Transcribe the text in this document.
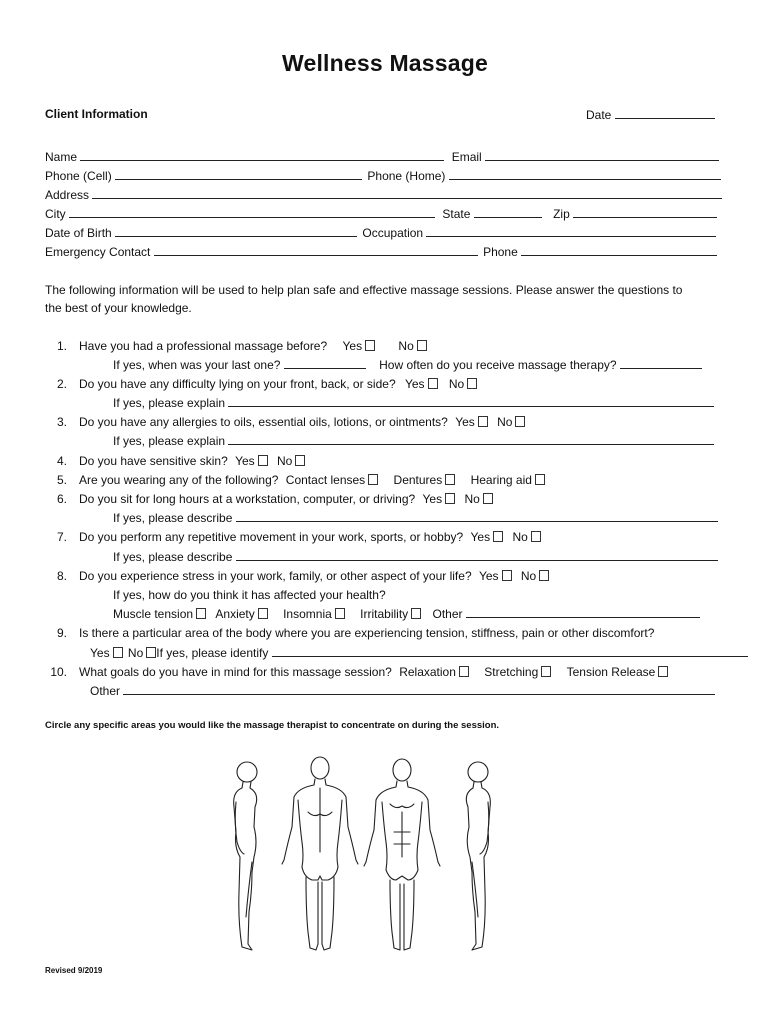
Wellness Massage
Client Information	Date
Name	Email
Phone (Cell)	Phone (Home)
Address
City	State	Zip
Date of Birth	Occupation
Emergency Contact	Phone
The following information will be used to help plan safe and effective massage sessions. Please answer the questions to
the best of your knowledge.
1. Have you had a professional massage before? Yes	No
If yes, when was your last one?	How often do you receive massage therapy?
2. Do you have any difficulty lying on your front, back, or side? Yes No
If yes, please explain
3. Do you have any allergies to oils, essential oils, lotions, or ointments? Yes No
If yes, please explain
4. Do you have sensitive skin? Yes No
5. Are you wearing any of the following? Contact lenses Dentures Hearing aid
6. Do you sit for long hours at a workstation, computer, or driving? Yes No
If yes, please describe
7. Do you perform any repetitive movement in your work, sports, or hobby? Yes No
If yes, please describe
8. Do you experience stress in your work, family, or other aspect of your life? Yes No
If yes, how do you think it has affected your health?
Muscle tension Anxiety Insomnia Irritability Other
9. Is there a particular area of the body where you are experiencing tension, stiffness, pain or other discomfort?
Yes No If yes, please identify
10. What goals do you have in mind for this massage session? Relaxation Stretching Tension Release
Other
Circle any specific areas you would like the massage therapist to concentrate on during the session.
Revised 9/2019
